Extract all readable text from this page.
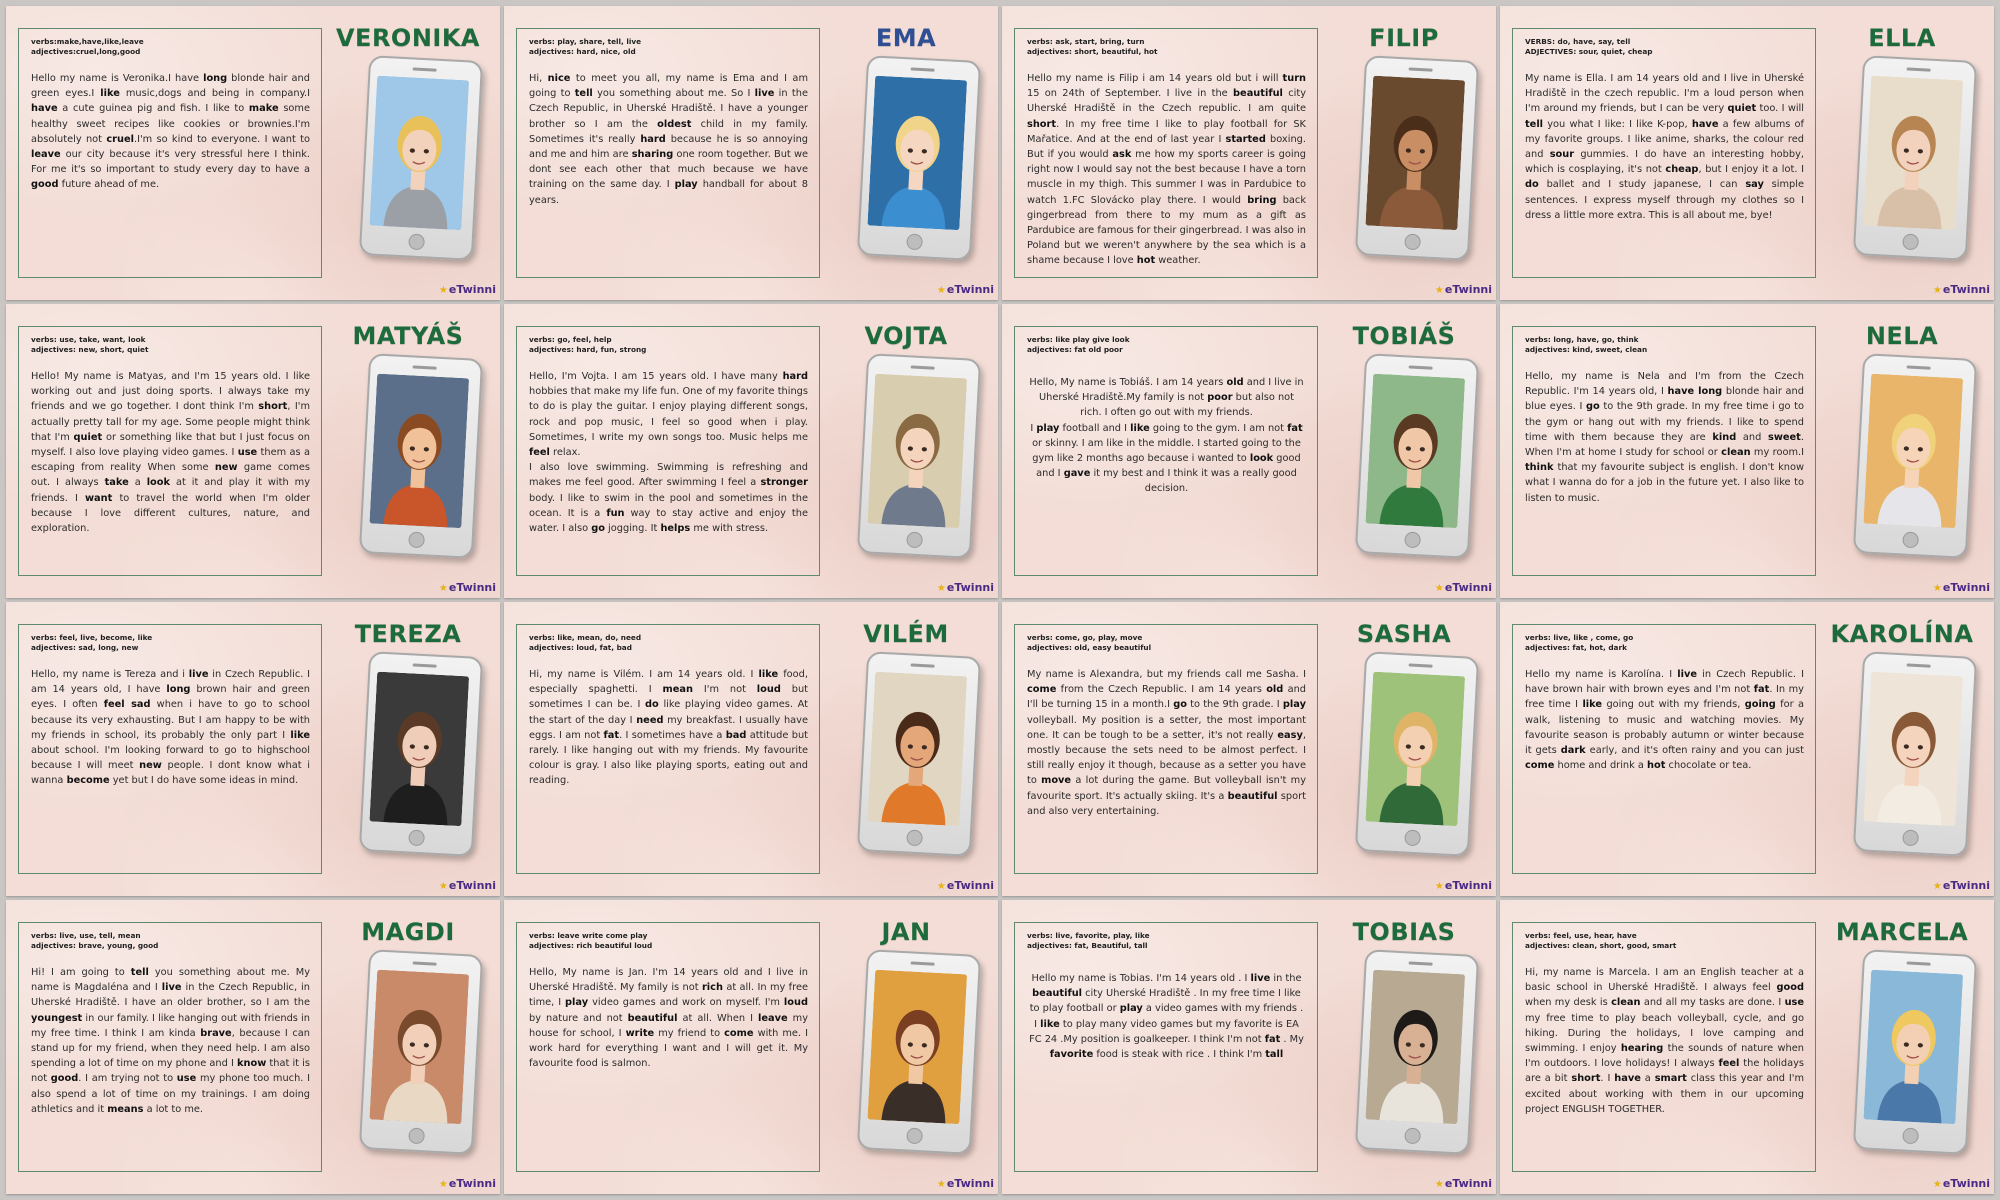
verbs:make,have,like,leave
adjectives:cruel,long,good
Hello my name is Veronika.I have long blonde hair and green eyes.I like music,dogs and being in company.I have a cute guinea pig and fish. I like to make some healthy sweet recipes like cookies or brownies.I'm absolutely not cruel.I'm so kind to everyone. I want to leave our city because it's very stressful here I think. For me it's so important to study every day to have a good future ahead of me.
VERONIKA
★eTwinni
verbs: play, share, tell, live
adjectives: hard, nice, old
Hi, nice to meet you all, my name is Ema and I am going to tell you something about me. So I live in the Czech Republic, in Uherské Hradiště. I have a younger brother so I am the oldest child in my family. Sometimes it's really hard because he is so annoying and me and him are sharing one room together. But we dont see each other that much because we have training on the same day. I play handball for about 8 years.
EMA
★eTwinni
verbs: ask, start, bring, turn
adjectives: short, beautiful, hot
Hello my name is Filip i am 14 years old but i will turn 15 on 24th of September. I live in the beautiful city Uherské Hradiště in the Czech republic. I am quite short. In my free time I like to play football for SK Mařatice. And at the end of last year I started boxing. But if you would ask me how my sports career is going right now I would say not the best because I have a torn muscle in my thigh. This summer I was in Pardubice to watch 1.FC Slovácko play there. I would bring back gingerbread from there to my mum as a gift as Pardubice are famous for their gingerbread. I was also in Poland but we weren't anywhere by the sea which is a shame because I love hot weather.
FILIP
★eTwinni
VERBS: do, have, say, tell
ADJECTIVES: sour, quiet, cheap
My name is Ella. I am 14 years old and I live in Uherské Hradiště in the czech republic. I'm a loud person when I'm around my friends, but I can be very quiet too. I will tell you what I like: I like K-pop, have a few albums of my favorite groups. I like anime, sharks, the colour red and sour gummies. I do have an interesting hobby, which is cosplaying, it's not cheap, but I enjoy it a lot. I do ballet and I study japanese, I can say simple sentences. I express myself through my clothes so I dress a little more extra. This is all about me, bye!
ELLA
★eTwinni
verbs: use, take, want, look
adjectives: new, short, quiet
Hello! My name is Matyas, and I'm 15 years old. I like working out and just doing sports. I always take my friends and we go together. I dont think I'm short, I'm actually pretty tall for my age. Some people might think that I'm quiet or something like that but I just focus on myself. I also love playing video games. I use them as a escaping from reality When some new game comes out. I always take a look at it and play it with my friends. I want to travel the world when I'm older because I love different cultures, nature, and exploration.
MATYÁŠ
★eTwinni
verbs: go, feel, help
adjectives: hard, fun, strong
Hello, I'm Vojta. I am 15 years old. I have many hard hobbies that make my life fun. One of my favorite things to do is play the guitar. I enjoy playing different songs, rock and pop music, I feel so good when i play. Sometimes, I write my own songs too. Music helps me feel relax.
I also love swimming. Swimming is refreshing and makes me feel good. After swimming I feel a stronger body. I like to swim in the pool and sometimes in the ocean. It is a fun way to stay active and enjoy the water. I also go jogging. It helps me with stress.
VOJTA
★eTwinni
verbs: like play give look
adjectives: fat old poor
Hello, My name is Tobiáš. I am 14 years old and I live in Uherské Hradiště.My family is not poor but also not rich. I often go out with my friends.
I play football and I like going to the gym. I am not fat or skinny. I am like in the middle. I started going to the gym like 2 months ago because i wanted to look good and I gave it my best and I think it was a really good decision.
TOBIÁŠ
★eTwinni
verbs: long, have, go, think
adjectives: kind, sweet, clean
Hello, my name is Nela and I'm from the Czech Republic. I'm 14 years old, I have long blonde hair and blue eyes. I go to the 9th grade. In my free time i go to the gym or hang out with my friends. I like to spend time with them because they are kind and sweet. When I'm at home I study for school or clean my room.I think that my favourite subject is english. I don't know what I wanna do for a job in the future yet. I also like to listen to music.
NELA
★eTwinni
verbs: feel, live, become, like
adjectives: sad, long, new
Hello, my name is Tereza and i live in Czech Republic. I am 14 years old, I have long brown hair and green eyes. I often feel sad when i have to go to school because its very exhausting. But I am happy to be with my friends in school, its probably the only part I like about school. I'm looking forward to go to highschool because I will meet new people. I dont know what i wanna become yet but I do have some ideas in mind.
TEREZA
★eTwinni
verbs: like, mean, do, need
adjectives: loud, fat, bad
Hi, my name is Vilém. I am 14 years old. I like food, especially spaghetti. I mean I'm not loud but sometimes I can be. I do like playing video games. At the start of the day I need my breakfast. I usually have eggs. I am not fat. I sometimes have a bad attitude but rarely. I like hanging out with my friends. My favourite colour is gray. I also like playing sports, eating out and reading.
VILÉM
★eTwinni
verbs: come, go, play, move
adjectives: old, easy beautiful
My name is Alexandra, but my friends call me Sasha. I come from the Czech Republic. I am 14 years old and I'll be turning 15 in a month.I go to the 9th grade. I play volleyball. My position is a setter, the most important one. It can be tough to be a setter, it's not really easy, mostly because the sets need to be almost perfect. I still really enjoy it though, because as a setter you have to move a lot during the game. But volleyball isn't my favourite sport. It's actually skiing. It's a beautiful sport and also very entertaining.
SASHA
★eTwinni
verbs: live, like , come, go
adjectives: fat, hot, dark
Hello my name is Karolína. I live in Czech Republic. I have brown hair with brown eyes and I'm not fat. In my free time I like going out with my friends, going for a walk, listening to music and watching movies. My favourite season is probably autumn or winter because it gets dark early, and it's often rainy and you can just come home and drink a hot chocolate or tea.
KAROLÍNA
★eTwinni
verbs: live, use, tell, mean
adjectives: brave, young, good
Hi! I am going to tell you something about me. My name is Magdaléna and I live in the Czech Republic, in Uherské Hradiště. I have an older brother, so I am the youngest in our family. I like hanging out with friends in my free time. I think I am kinda brave, because I can stand up for my friend, when they need help. I am also spending a lot of time on my phone and I know that it is not good. I am trying not to use my phone too much. I also spend a lot of time on my trainings. I am doing athletics and it means a lot to me.
MAGDI
★eTwinni
verbs: leave write come play
adjectives: rich beautiful loud
Hello, My name is Jan. I'm 14 years old and I live in Uherské Hradiště. My family is not rich at all. In my free time, I play video games and work on myself. I'm loud by nature and not beautiful at all. When I leave my house for school, I write my friend to come with me. I work hard for everything I want and I will get it. My favourite food is salmon.
JAN
★eTwinni
verbs: live, favorite, play, like
adjectives: fat, Beautiful, tall
Hello my name is Tobias. I'm 14 years old . I live in the beautiful city Uherské Hradiště . In my free time I like to play football or play a video games with my friends . I like to play many video games but my favorite is EA FC 24 .My position is goalkeeper. I think I'm not fat . My favorite food is steak with rice . I think I'm tall
TOBIAS
★eTwinni
verbs: feel, use, hear, have
adjectives: clean, short, good, smart
Hi, my name is Marcela. I am an English teacher at a basic school in Uherské Hradiště. I always feel good when my desk is clean and all my tasks are done. I use my free time to play beach volleyball, cycle, and go hiking. During the holidays, I love camping and swimming. I enjoy hearing the sounds of nature when I'm outdoors. I love holidays! I always feel the holidays are a bit short. I have a smart class this year and I'm excited about working with them in our upcoming project ENGLISH TOGETHER.
MARCELA
★eTwinni
